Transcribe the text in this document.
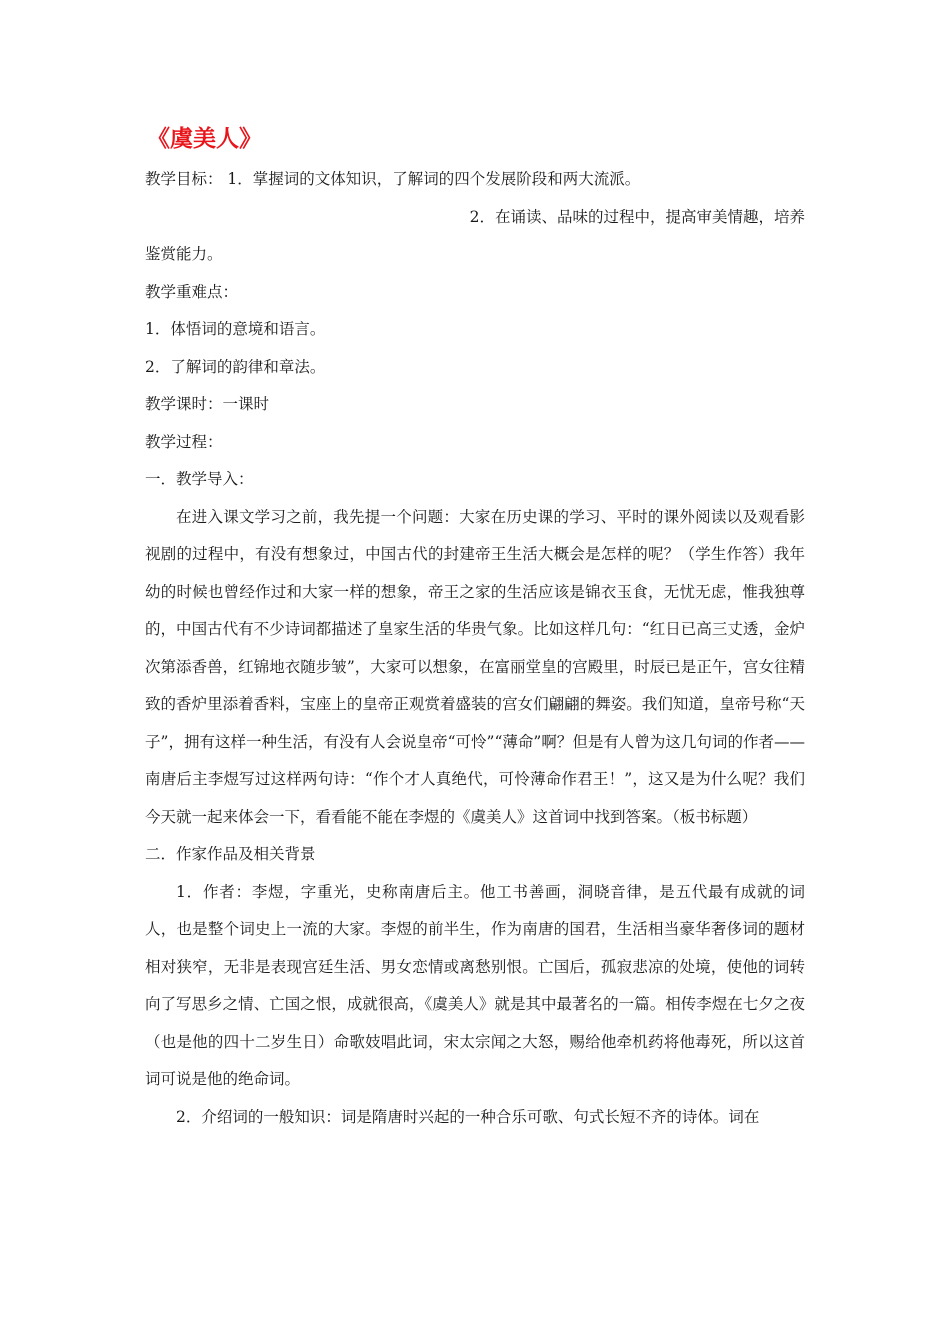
《虞美人》

教学目标： 1．掌握词的文体知识，了解词的四个发展阶段和两大流派。

2．在诵读、品味的过程中，提高审美情趣，培养

鉴赏能力。

教学重难点：

1．体悟词的意境和语言。

2．了解词的韵律和章法。

教学课时：一课时

教学过程：

一．教学导入：

在进入课文学习之前，我先提一个问题：大家在历史课的学习、平时的课外阅读以及观看影视剧的过程中，有没有想象过，中国古代的封建帝王生活大概会是怎样的呢？（学生作答）我年幼的时候也曾经作过和大家一样的想象，帝王之家的生活应该是锦衣玉食，无忧无虑，惟我独尊的，中国古代有不少诗词都描述了皇家生活的华贵气象。比如这样几句：“红日已高三丈透，金炉次第添香兽，红锦地衣随步皱”，大家可以想象，在富丽堂皇的宫殿里，时辰已是正午，宫女往精致的香炉里添着香料，宝座上的皇帝正观赏着盛装的宫女们翩翩的舞姿。我们知道，皇帝号称“天子”，拥有这样一种生活，有没有人会说皇帝“可怜”“薄命”啊？但是有人曾为这几句词的作者——南唐后主李煜写过这样两句诗：“作个才人真绝代，可怜薄命作君王！”，这又是为什么呢？我们今天就一起来体会一下，看看能不能在李煜的《虞美人》这首词中找到答案。（板书标题）

二．作家作品及相关背景

1．作者：李煜，字重光，史称南唐后主。他工书善画，洞晓音律，是五代最有成就的词人，也是整个词史上一流的大家。李煜的前半生，作为南唐的国君，生活相当豪华奢侈词的题材相对狭窄，无非是表现宫廷生活、男女恋情或离愁别恨。亡国后，孤寂悲凉的处境，使他的词转向了写思乡之情、亡国之恨，成就很高，《虞美人》就是其中最著名的一篇。相传李煜在七夕之夜（也是他的四十二岁生日）命歌妓唱此词，宋太宗闻之大怒，赐给他牵机药将他毒死，所以这首词可说是他的绝命词。

2．介绍词的一般知识：词是隋唐时兴起的一种合乐可歌、句式长短不齐的诗体。词在
